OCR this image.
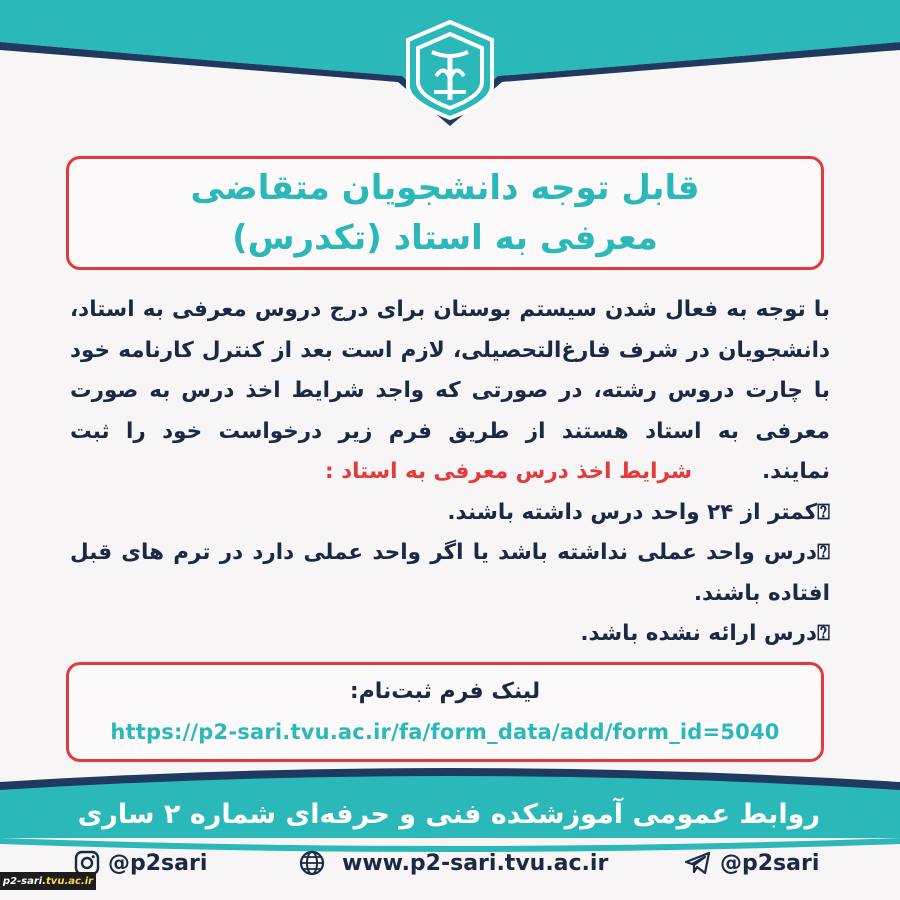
قابل توجه دانشجویان متقاضی
معرفی به استاد (تکدرس)

با توجه به فعال شدن سیستم بوستان برای درج دروس معرفی به استاد، دانشجویان در شرف فارغ‌التحصیلی، لازم است بعد از کنترل کارنامه خود با چارت دروس رشته، در صورتی که واجد شرایط اخذ درس به صورت معرفی به استاد هستند از طریق فرم زیر درخواست خود را ثبت نمایند.شرایط اخذ درس معرفی به استاد :

⍰کمتر از ۲۴ واحد درس داشته باشند.

⍰درس واحد عملی نداشته باشد یا اگر واحد عملی دارد در ترم های قبل افتاده باشند.

⍰درس ارائه نشده باشد.

لینک فرم ثبت‌نام:
https://p2-sari.tvu.ac.ir/fa/form_data/add/form_id=5040
روابط عمومی آموزشکده فنی و حرفه‌ای شماره ۲ ساری
@p2sari	www.p2-sari.tvu.ac.ir	@p2sari
p2-sari. tvu.ac.ir
